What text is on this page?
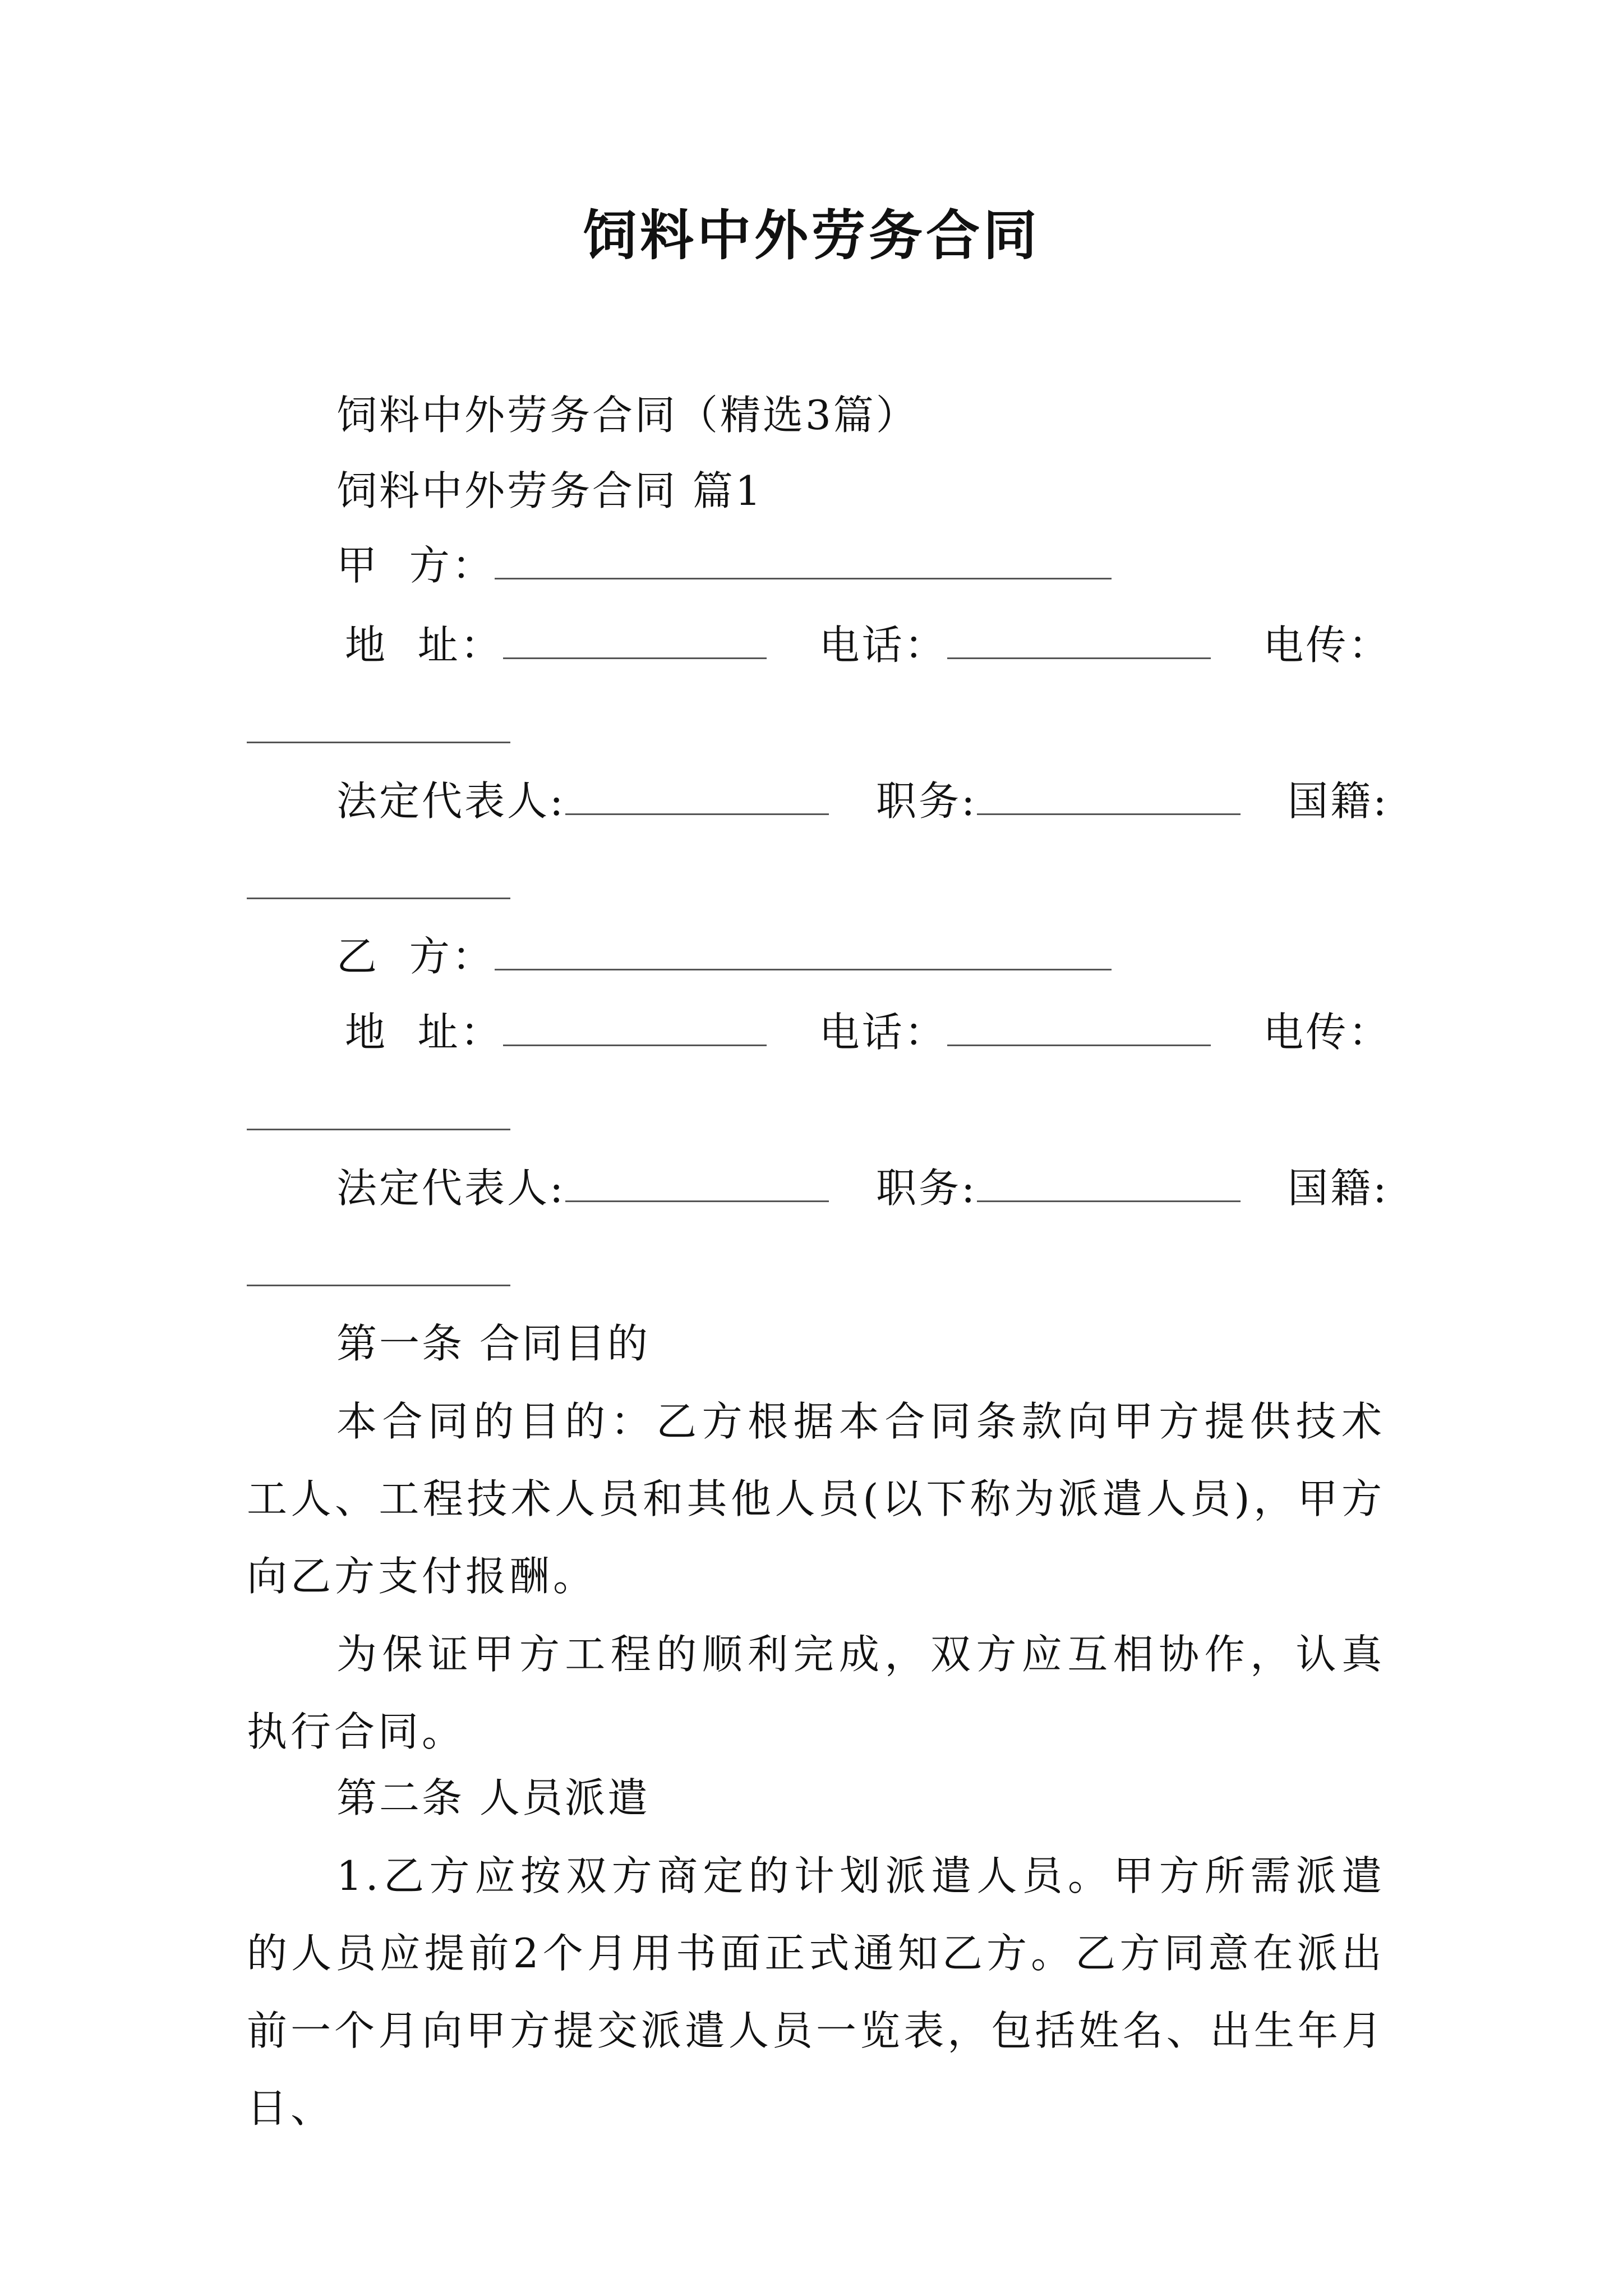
饲料中外劳务合同
饲料中外劳务合同（精选3篇）
饲料中外劳务合同 篇1
甲  方：
地  址：	电话：	电传：
法定代表人:	职务:	国籍:
乙  方：
地  址：	电话：	电传：
法定代表人:	职务:	国籍:
第一条 合同目的
本合同的目的：乙方根据本合同条款向甲方提供技术工人、工程技术人员和其他人员(以下称为派遣人员)，甲方向乙方支付报酬。
为保证甲方工程的顺利完成，双方应互相协作，认真执行合同。
第二条 人员派遣
1.乙方应按双方商定的计划派遣人员。甲方所需派遣的人员应提前2个月用书面正式通知乙方。乙方同意在派出前一个月向甲方提交派遣人员一览表，包括姓名、出生年月日、
